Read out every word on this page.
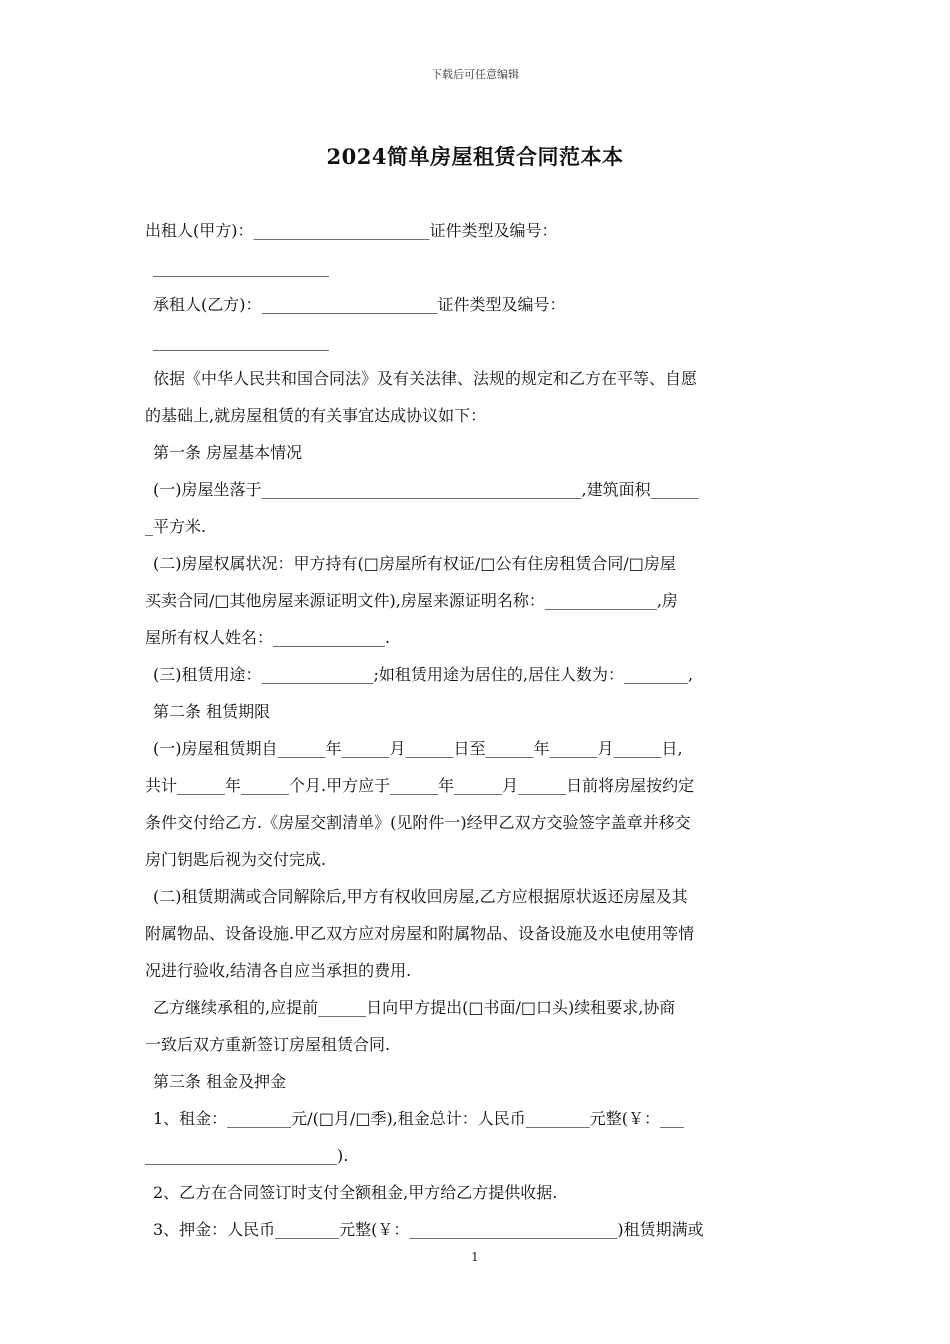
下载后可任意编辑
2024简单房屋租赁合同范本本
出租人(甲方)：______________________证件类型及编号：
______________________
承租人(乙方)：______________________证件类型及编号：
______________________
依据《中华人民共和国合同法》及有关法律、法规的规定和乙方在平等、自愿
的基础上,就房屋租赁的有关事宜达成协议如下：
第一条 房屋基本情况
(一)房屋坐落于________________________________________,建筑面积______
_平方米.
(二)房屋权属状况：甲方持有(□房屋所有权证/□公有住房租赁合同/□房屋
买卖合同/□其他房屋来源证明文件),房屋来源证明名称：______________,房
屋所有权人姓名：______________.
(三)租赁用途：______________;如租赁用途为居住的,居住人数为：________,
第二条 租赁期限
(一)房屋租赁期自______年______月______日至______年______月______日,
共计______年______个月.甲方应于______年______月______日前将房屋按约定
条件交付给乙方.《房屋交割清单》(见附件一)经甲乙双方交验签字盖章并移交
房门钥匙后视为交付完成.
(二)租赁期满或合同解除后,甲方有权收回房屋,乙方应根据原状返还房屋及其
附属物品、设备设施.甲乙双方应对房屋和附属物品、设备设施及水电使用等情
况进行验收,结清各自应当承担的费用.
乙方继续承租的,应提前______日向甲方提出(□书面/□口头)续租要求,协商
一致后双方重新签订房屋租赁合同.
第三条 租金及押金
1、租金：________元/(□月/□季),租金总计：人民币________元整(￥：___
________________________).
2、乙方在合同签订时支付全额租金,甲方给乙方提供收据.
3、押金：人民币________元整(￥：__________________________)租赁期满或
1
